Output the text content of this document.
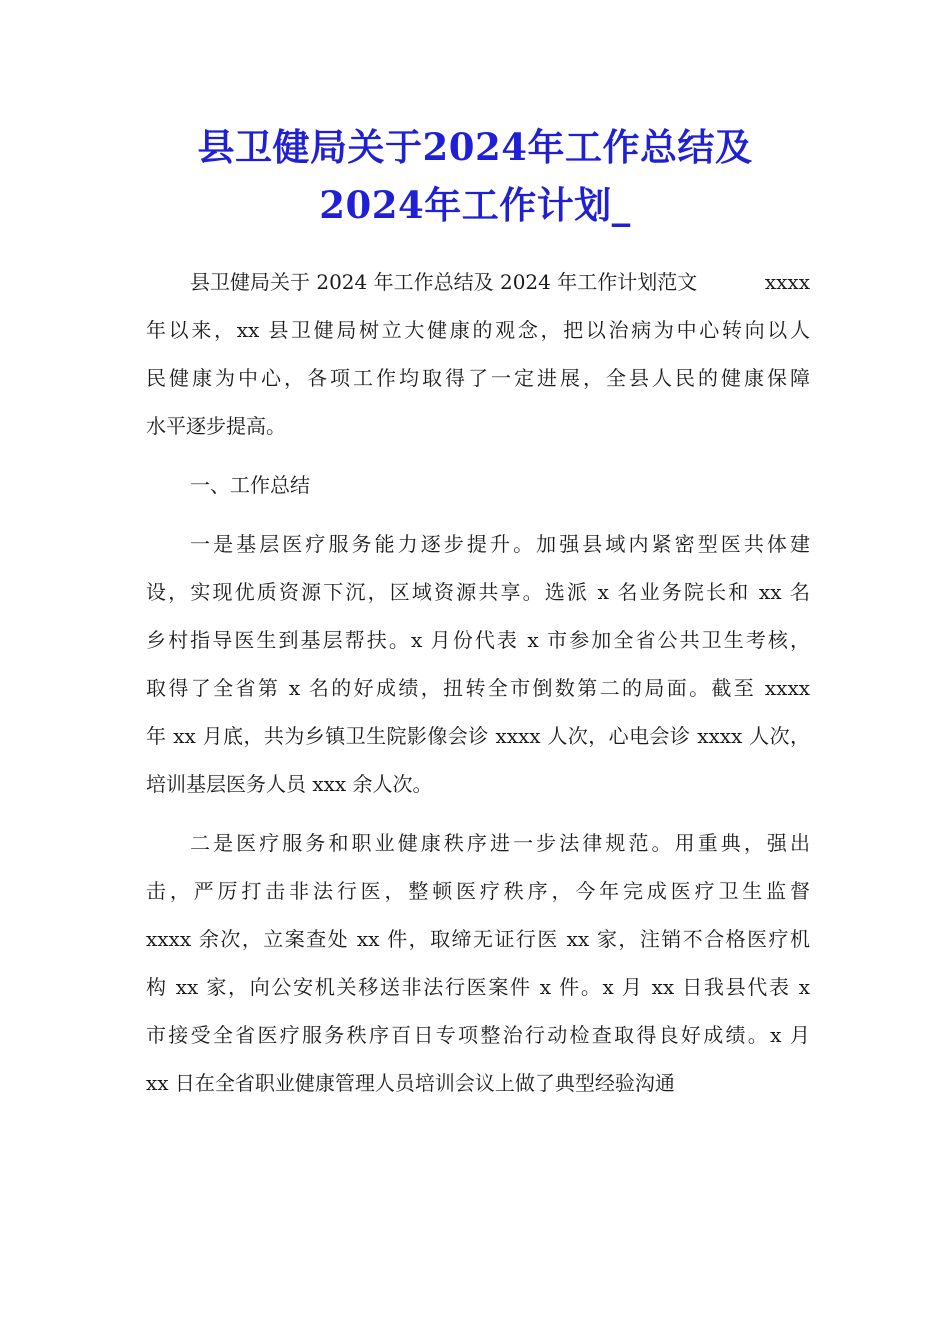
县卫健局关于2024年工作总结及
2024年工作计划_

县卫健局关于 2024 年工作总结及 2024 年工作计划范文	xxxx
年以来，xx 县卫健局树立大健康的观念，把以治病为中心转向以人
民健康为中心，各项工作均取得了一定进展，全县人民的健康保障
水平逐步提高。

一、工作总结

一是基层医疗服务能力逐步提升。加强县域内紧密型医共体建
设，实现优质资源下沉，区域资源共享。选派 x 名业务院长和 xx 名
乡村指导医生到基层帮扶。x 月份代表 x 市参加全省公共卫生考核，
取得了全省第 x 名的好成绩，扭转全市倒数第二的局面。截至 xxxx
年 xx 月底，共为乡镇卫生院影像会诊 xxxx 人次，心电会诊 xxxx 人次，
培训基层医务人员 xxx 余人次。

二是医疗服务和职业健康秩序进一步法律规范。用重典，强出
击，严厉打击非法行医，整顿医疗秩序，今年完成医疗卫生监督
xxxx 余次，立案查处 xx 件，取缔无证行医 xx 家，注销不合格医疗机
构 xx 家，向公安机关移送非法行医案件 x 件。x 月 xx 日我县代表 x
市接受全省医疗服务秩序百日专项整治行动检查取得良好成绩。x 月
xx 日在全省职业健康管理人员培训会议上做了典型经验沟通
